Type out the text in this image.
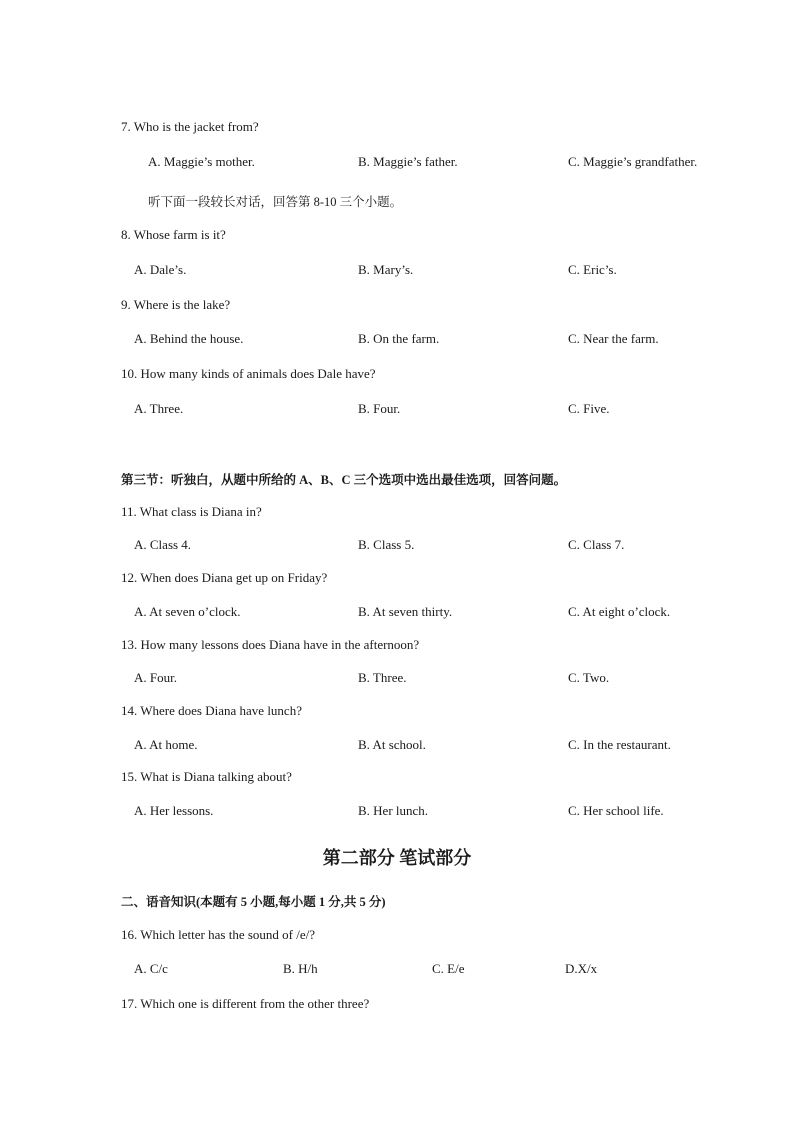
7. Who is the jacket from?
A. Maggie’s mother.	B. Maggie’s father.	C. Maggie’s grandfather.
听下面一段较长对话，回答第 8-10 三个小题。
8. Whose farm is it?
A. Dale’s.	B. Mary’s.	C. Eric’s.
9. Where is the lake?
A. Behind the house.	B. On the farm.	C. Near the farm.
10. How many kinds of animals does Dale have?
A. Three.	B. Four.	C. Five.
第三节：听独白，从题中所给的 A、B、C 三个选项中选出最佳选项，回答问题。
11. What class is Diana in?
A. Class 4.	B. Class 5.	C. Class 7.
12. When does Diana get up on Friday?
A. At seven o’clock.	B. At seven thirty.	C. At eight o’clock.
13. How many lessons does Diana have in the afternoon?
A. Four.	B. Three.	C. Two.
14. Where does Diana have lunch?
A. At home.	B. At school.	C. In the restaurant.
15. What is Diana talking about?
A. Her lessons.	B. Her lunch.	C. Her school life.
第二部分 笔试部分
二、语音知识(本题有 5 小题,每小题 1 分,共 5 分)
16. Which letter has the sound of /e/?
A. C/c	B. H/h	C. E/e	D.X/x
17. Which one is different from the other three?
